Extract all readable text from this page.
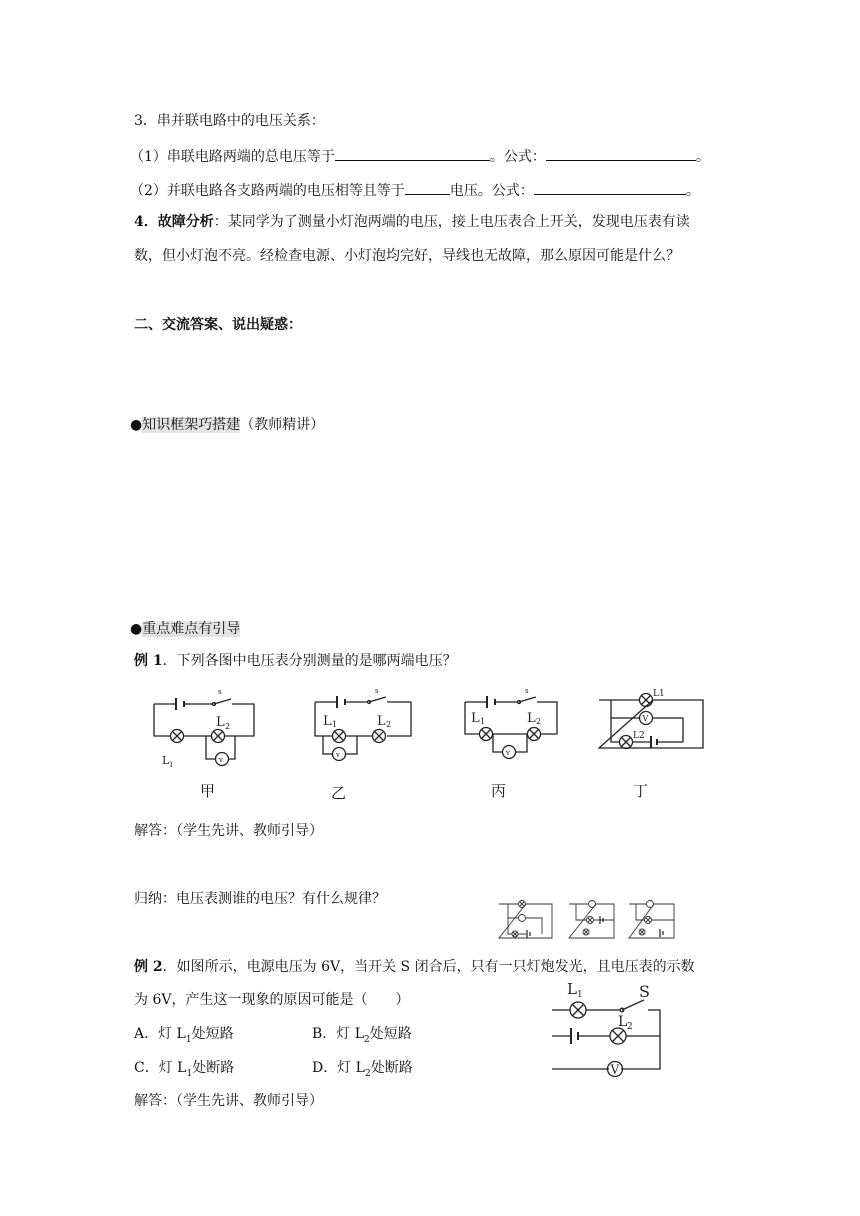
3．串并联电路中的电压关系：
（1）串联电路两端的总电压等于	。公式：	。
（2）并联电路各支路两端的电压相等且等于	电压。公式：	。
4．故障分析：某同学为了测量小灯泡两端的电压，接上电压表合上开关，发现电压表有读
数，但小灯泡不亮。经检查电源、小灯泡均完好，导线也无故障，那么原因可能是什么？
二、交流答案、说出疑惑：
●知识框架巧搭建（教师精讲）
●重点难点有引导
例 1．下列各图中电压表分别测量的是哪两端电压？
s
v
L 2
L 1
甲
s
v
L 1	L 2
乙
s
v
L 1	L 2
丙
L1
V
L2
丁
解答：（学生先讲、教师引导）
归纳：电压表测谁的电压？有什么规律？
例 2．如图所示，电源电压为 6V，当开关 S 闭合后，只有一只灯炮发光，且电压表的示数
为 6V，产生这一现象的原因可能是（　　）
A．灯 $L_1$处短路	B．灯 $L_2$处短路
C．灯 $L_1$处断路	D．灯 $L_2$处断路
解答：（学生先讲、教师引导）
L 1	S
L 2
V
